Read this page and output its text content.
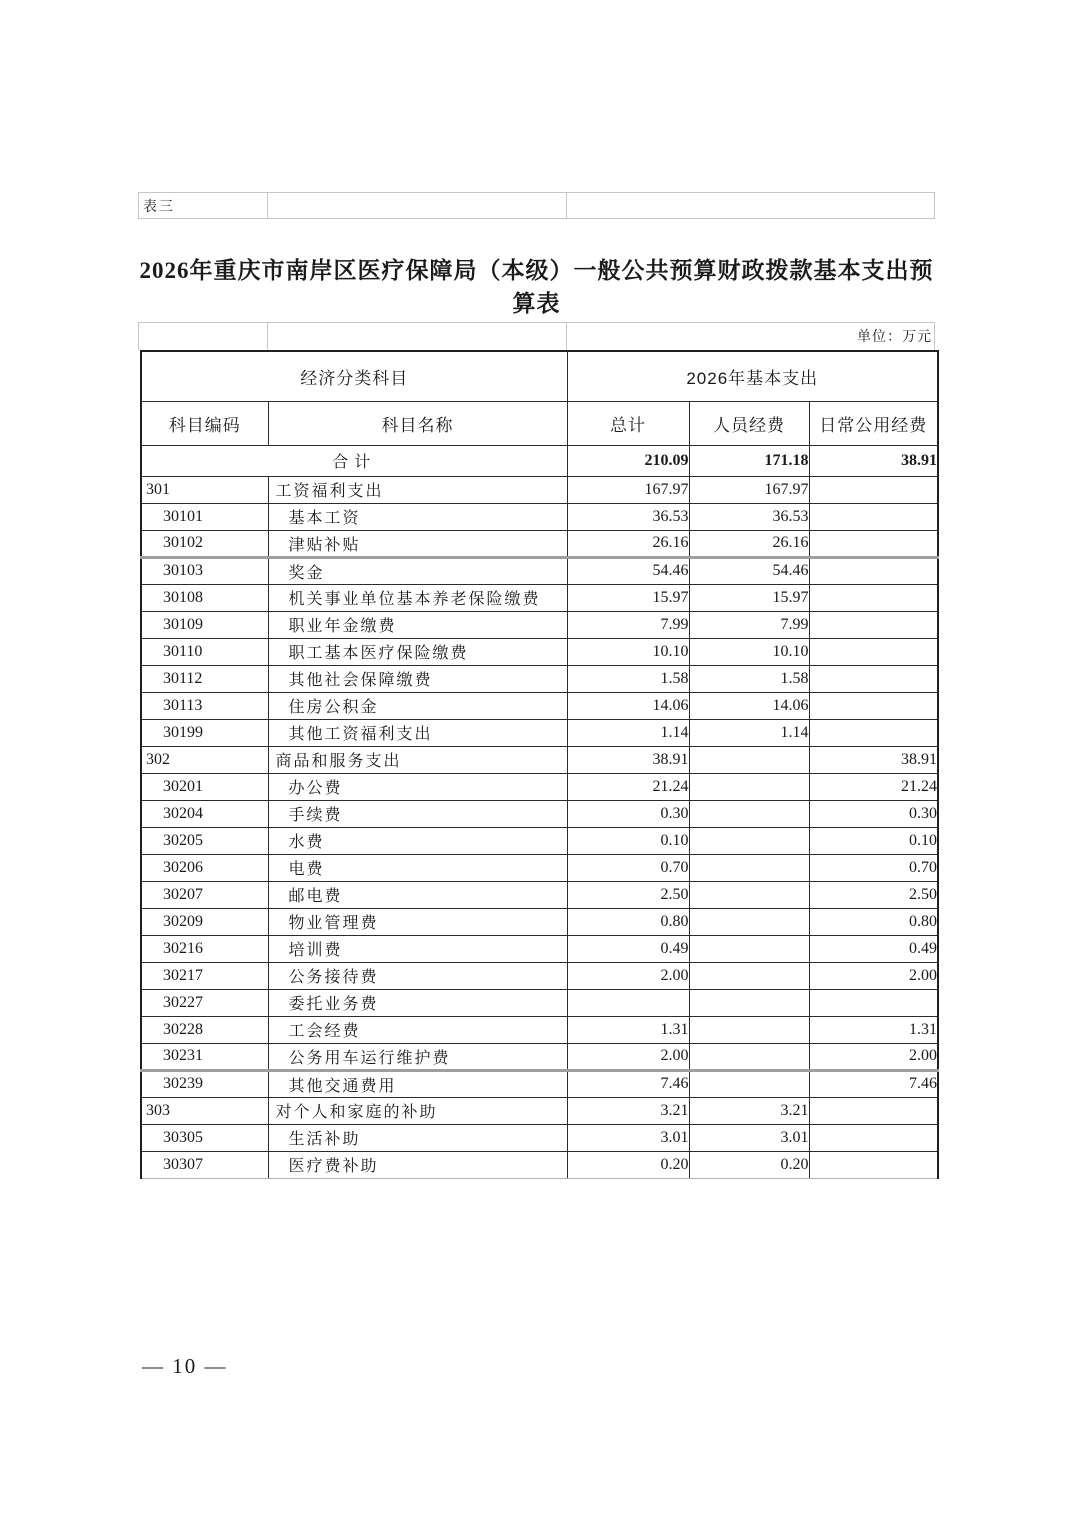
表三
2026年重庆市南岸区医疗保障局（本级）一般公共预算财政拨款基本支出预算表
单位：万元
经济分类科目		2026年基本支出		
科目编码	科目名称	总计	人员经费	日常公用经费
合计		210.09	171.18	38.91
301	工资福利支出	167.97	167.97	
30101	基本工资	36.53	36.53	
30102	津贴补贴	26.16	26.16	
30103	奖金	54.46	54.46	
30108	机关事业单位基本养老保险缴费	15.97	15.97	
30109	职业年金缴费	7.99	7.99	
30110	职工基本医疗保险缴费	10.10	10.10	
30112	其他社会保障缴费	1.58	1.58	
30113	住房公积金	14.06	14.06	
30199	其他工资福利支出	1.14	1.14	
302	商品和服务支出	38.91		38.91
30201	办公费	21.24		21.24
30204	手续费	0.30		0.30
30205	水费	0.10		0.10
30206	电费	0.70		0.70
30207	邮电费	2.50		2.50
30209	物业管理费	0.80		0.80
30216	培训费	0.49		0.49
30217	公务接待费	2.00		2.00
30227	委托业务费			
30228	工会经费	1.31		1.31
30231	公务用车运行维护费	2.00		2.00
30239	其他交通费用	7.46		7.46
303	对个人和家庭的补助	3.21	3.21	
30305	生活补助	3.01	3.01	
30307	医疗费补助	0.20	0.20	
— 10 —
